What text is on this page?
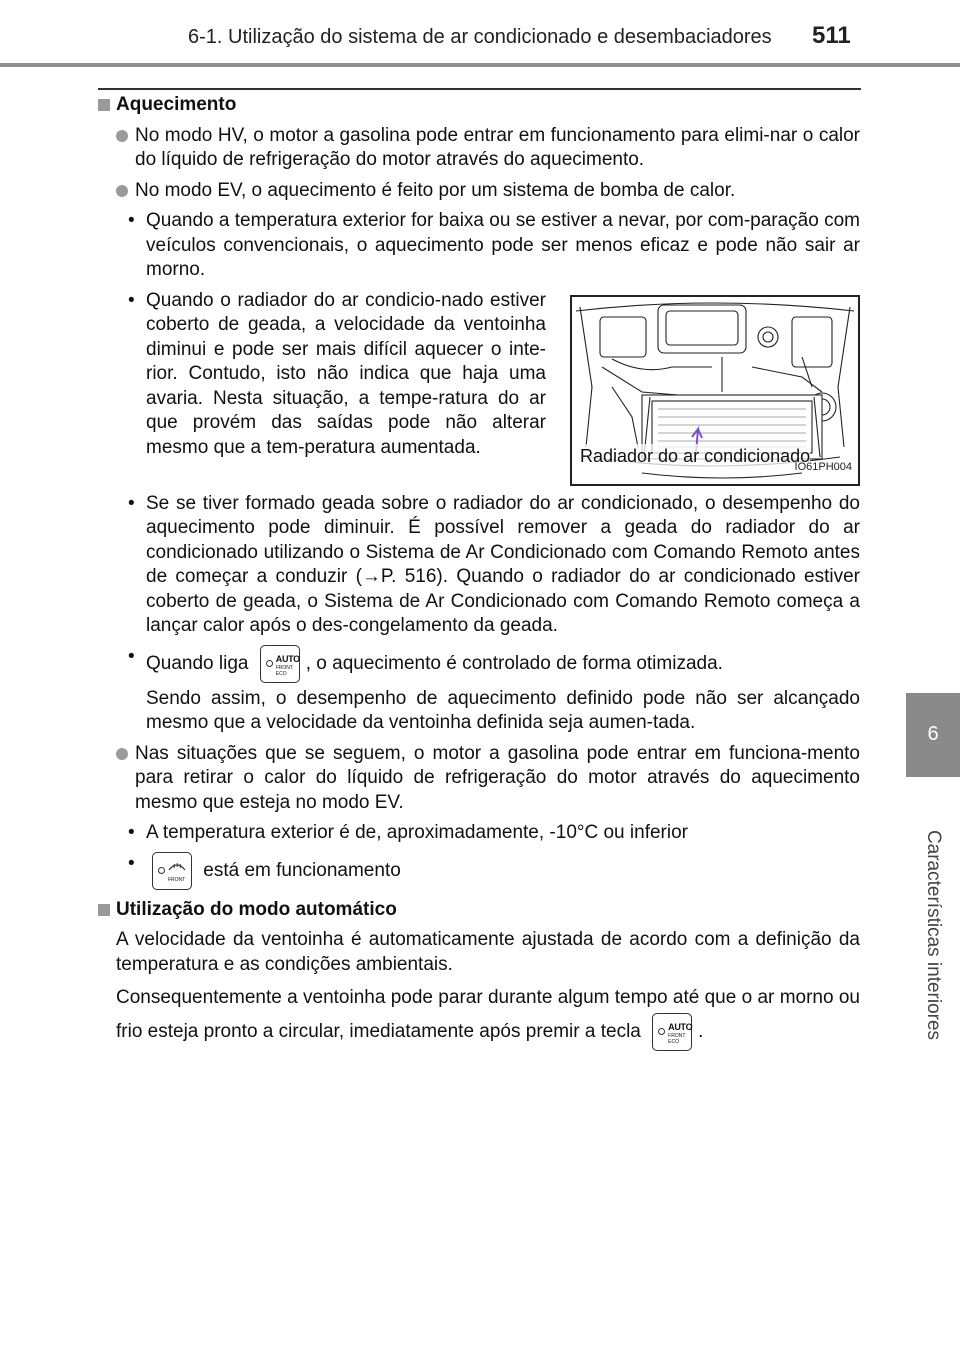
6-1. Utilização do sistema de ar condicionado e desembaciadores 511
6
Características interiores

Aquecimento

No modo HV, o motor a gasolina pode entrar em funcionamento para elimi-nar o calor do líquido de refrigeração do motor através do aquecimento.

No modo EV, o aquecimento é feito por um sistema de bomba de calor.

• Quando a temperatura exterior for baixa ou se estiver a nevar, por com-paração com veículos convencionais, o aquecimento pode ser menos eficaz e pode não sair ar morno.

Radiador do ar condicionado
IO61PH004

• Quando o radiador do ar condicio-nado estiver coberto de geada, a velocidade da ventoinha diminui e pode ser mais difícil aquecer o inte-rior. Contudo, isto não indica que haja uma avaria. Nesta situação, a tempe-ratura do ar que provém das saídas pode não alterar mesmo que a tem-peratura aumentada.

• Se se tiver formado geada sobre o radiador do ar condicionado, o desempenho do aquecimento pode diminuir. É possível remover a geada do radiador do ar condicionado utilizando o Sistema de Ar Condicionado com Comando Remoto antes de começar a conduzir (→P. 516). Quando o radiador do ar condicionado estiver coberto de geada, o Sistema de Ar Condicionado com Comando Remoto começa a lançar calor após o des-congelamento da geada.

• Quando liga	AUTO
FRONT ECO	, o aquecimento é controlado de forma otimizada.

Sendo assim, o desempenho de aquecimento definido pode não ser alcançado mesmo que a velocidade da ventoinha definida seja aumen-tada.

Nas situações que se seguem, o motor a gasolina pode entrar em funciona-mento para retirar o calor do líquido de refrigeração do motor através do aquecimento mesmo que esteja no modo EV.

• A temperatura exterior é de, aproximadamente, -10°C ou inferior

•
FRONT está em funcionamento

Utilização do modo automático

A velocidade da ventoinha é automaticamente ajustada de acordo com a definição da temperatura e as condições ambientais.

Consequentemente a ventoinha pode parar durante algum tempo até que o ar morno ou frio esteja pronto a circular, imediatamente após premir a tecla	AUTO
FRONT ECO	.
